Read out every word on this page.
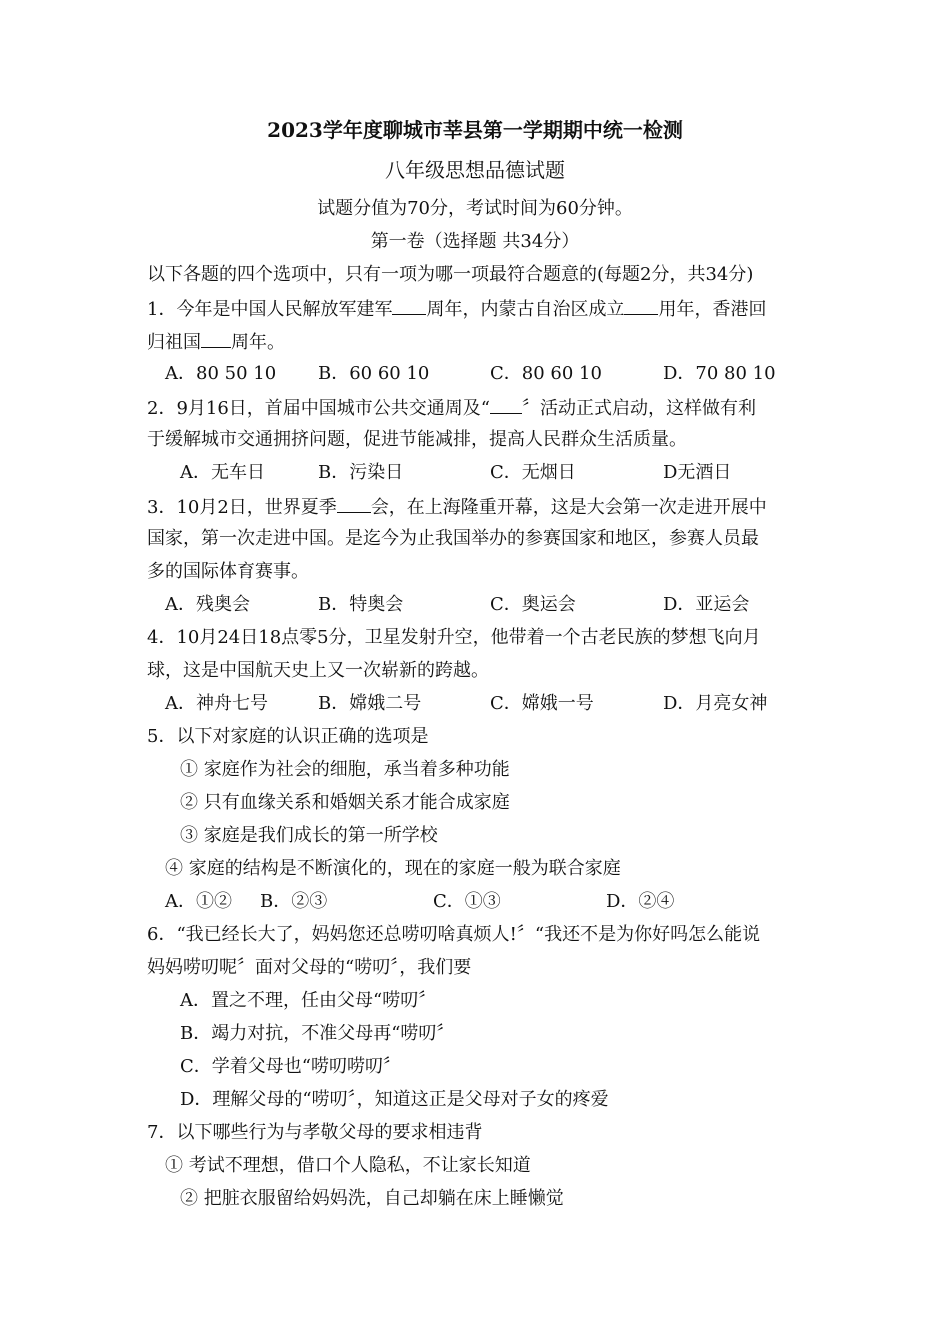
2023学年度聊城市莘县第一学期期中统一检测
八年级思想品德试题
试题分值为70分，考试时间为60分钟。
第一卷（选择题 共34分）
以下各题的四个选项中，只有一项为哪一项最符合题意的(每题2分，共34分)
1．今年是中国人民解放军建军 周年，内蒙古自治区成立 用年，香港回
归祖国 周年。
A．80 50 10 B．60 60 10	C．80 60 10	D．70 80 10
2．9月16日，首届中国城市公共交通周及“ 〞活动正式启动，这样做有利
于缓解城市交通拥挤问题，促进节能减排，提高人民群众生活质量。
A．无车日	B．污染日	C．无烟日	D无酒日
3．10月2日，世界夏季 会，在上海隆重开幕，这是大会第一次走进开展中
国家，第一次走进中国。是迄今为止我国举办的参赛国家和地区，参赛人员最
多的国际体育赛事。
A．残奥会	B．特奥会	C．奥运会	D．亚运会
4．10月24日18点零5分，卫星发射升空，他带着一个古老民族的梦想飞向月
球，这是中国航天史上又一次崭新的跨越。
A．神舟七号	B．嫦娥二号	C．嫦娥一号	D．月亮女神
5．以下对家庭的认识正确的选项是
① 家庭作为社会的细胞，承当着多种功能
② 只有血缘关系和婚姻关系才能合成家庭
③ 家庭是我们成长的第一所学校
④ 家庭的结构是不断演化的，现在的家庭一般为联合家庭
A．①② B．②③	C．①③	D．②④
6．“我已经长大了，妈妈您还总唠叨啥真烦人!〞“我还不是为你好吗怎么能说
妈妈唠叨呢〞面对父母的“唠叨〞，我们要
A．置之不理，任由父母“唠叨〞
B．竭力对抗，不准父母再“唠叨〞
C．学着父母也“唠叨唠叨〞
D．理解父母的“唠叨〞，知道这正是父母对子女的疼爱
7．以下哪些行为与孝敬父母的要求相违背
① 考试不理想，借口个人隐私，不让家长知道
② 把脏衣服留给妈妈洗，自己却躺在床上睡懒觉
